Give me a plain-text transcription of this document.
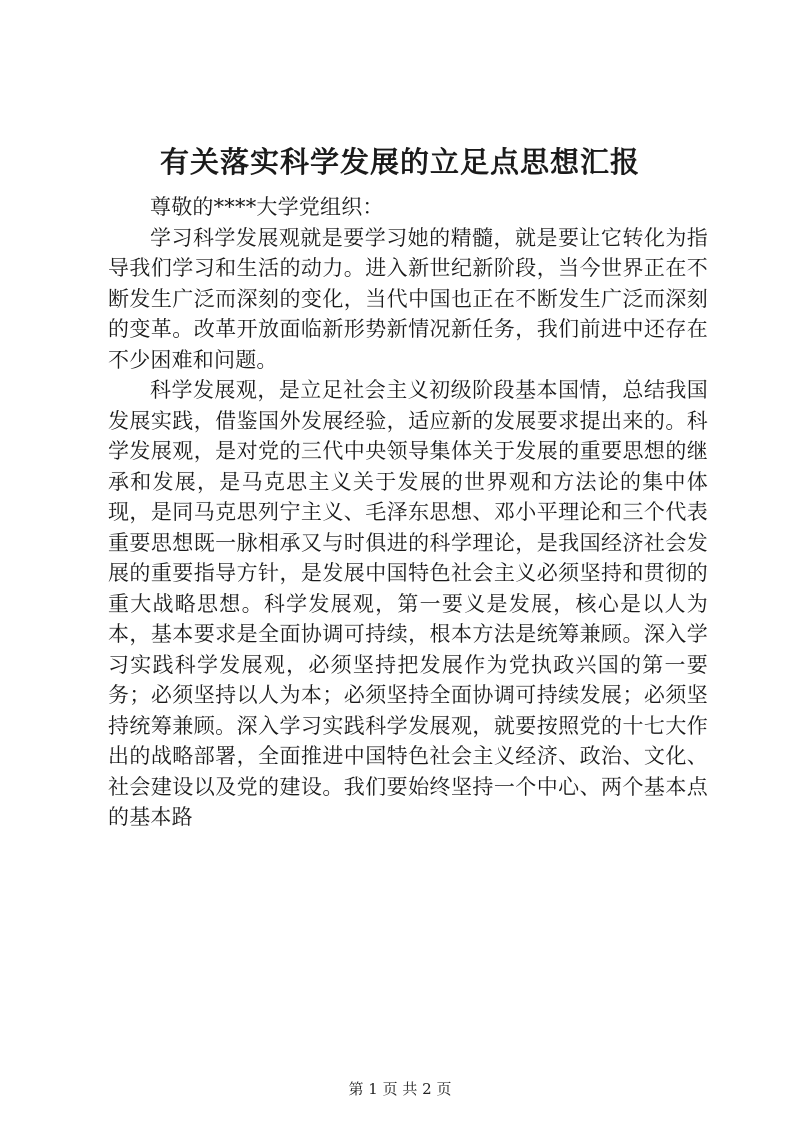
有关落实科学发展的立足点思想汇报

尊敬的****大学党组织：

学习科学发展观就是要学习她的精髓，就是要让它转化为指导我们学习和生活的动力。进入新世纪新阶段，当今世界正在不断发生广泛而深刻的变化，当代中国也正在不断发生广泛而深刻的变革。改革开放面临新形势新情况新任务，我们前进中还存在不少困难和问题。

科学发展观，是立足社会主义初级阶段基本国情，总结我国发展实践，借鉴国外发展经验，适应新的发展要求提出来的。科学发展观，是对党的三代中央领导集体关于发展的重要思想的继承和发展，是马克思主义关于发展的世界观和方法论的集中体现，是同马克思列宁主义、毛泽东思想、邓小平理论和三个代表重要思想既一脉相承又与时俱进的科学理论，是我国经济社会发展的重要指导方针，是发展中国特色社会主义必须坚持和贯彻的重大战略思想。科学发展观，第一要义是发展，核心是以人为本，基本要求是全面协调可持续，根本方法是统筹兼顾。深入学习实践科学发展观，必须坚持把发展作为党执政兴国的第一要务；必须坚持以人为本；必须坚持全面协调可持续发展；必须坚持统筹兼顾。深入学习实践科学发展观，就要按照党的十七大作出的战略部署，全面推进中国特色社会主义经济、政治、文化、社会建设以及党的建设。我们要始终坚持一个中心、两个基本点的基本路

第 1 页 共 2 页
